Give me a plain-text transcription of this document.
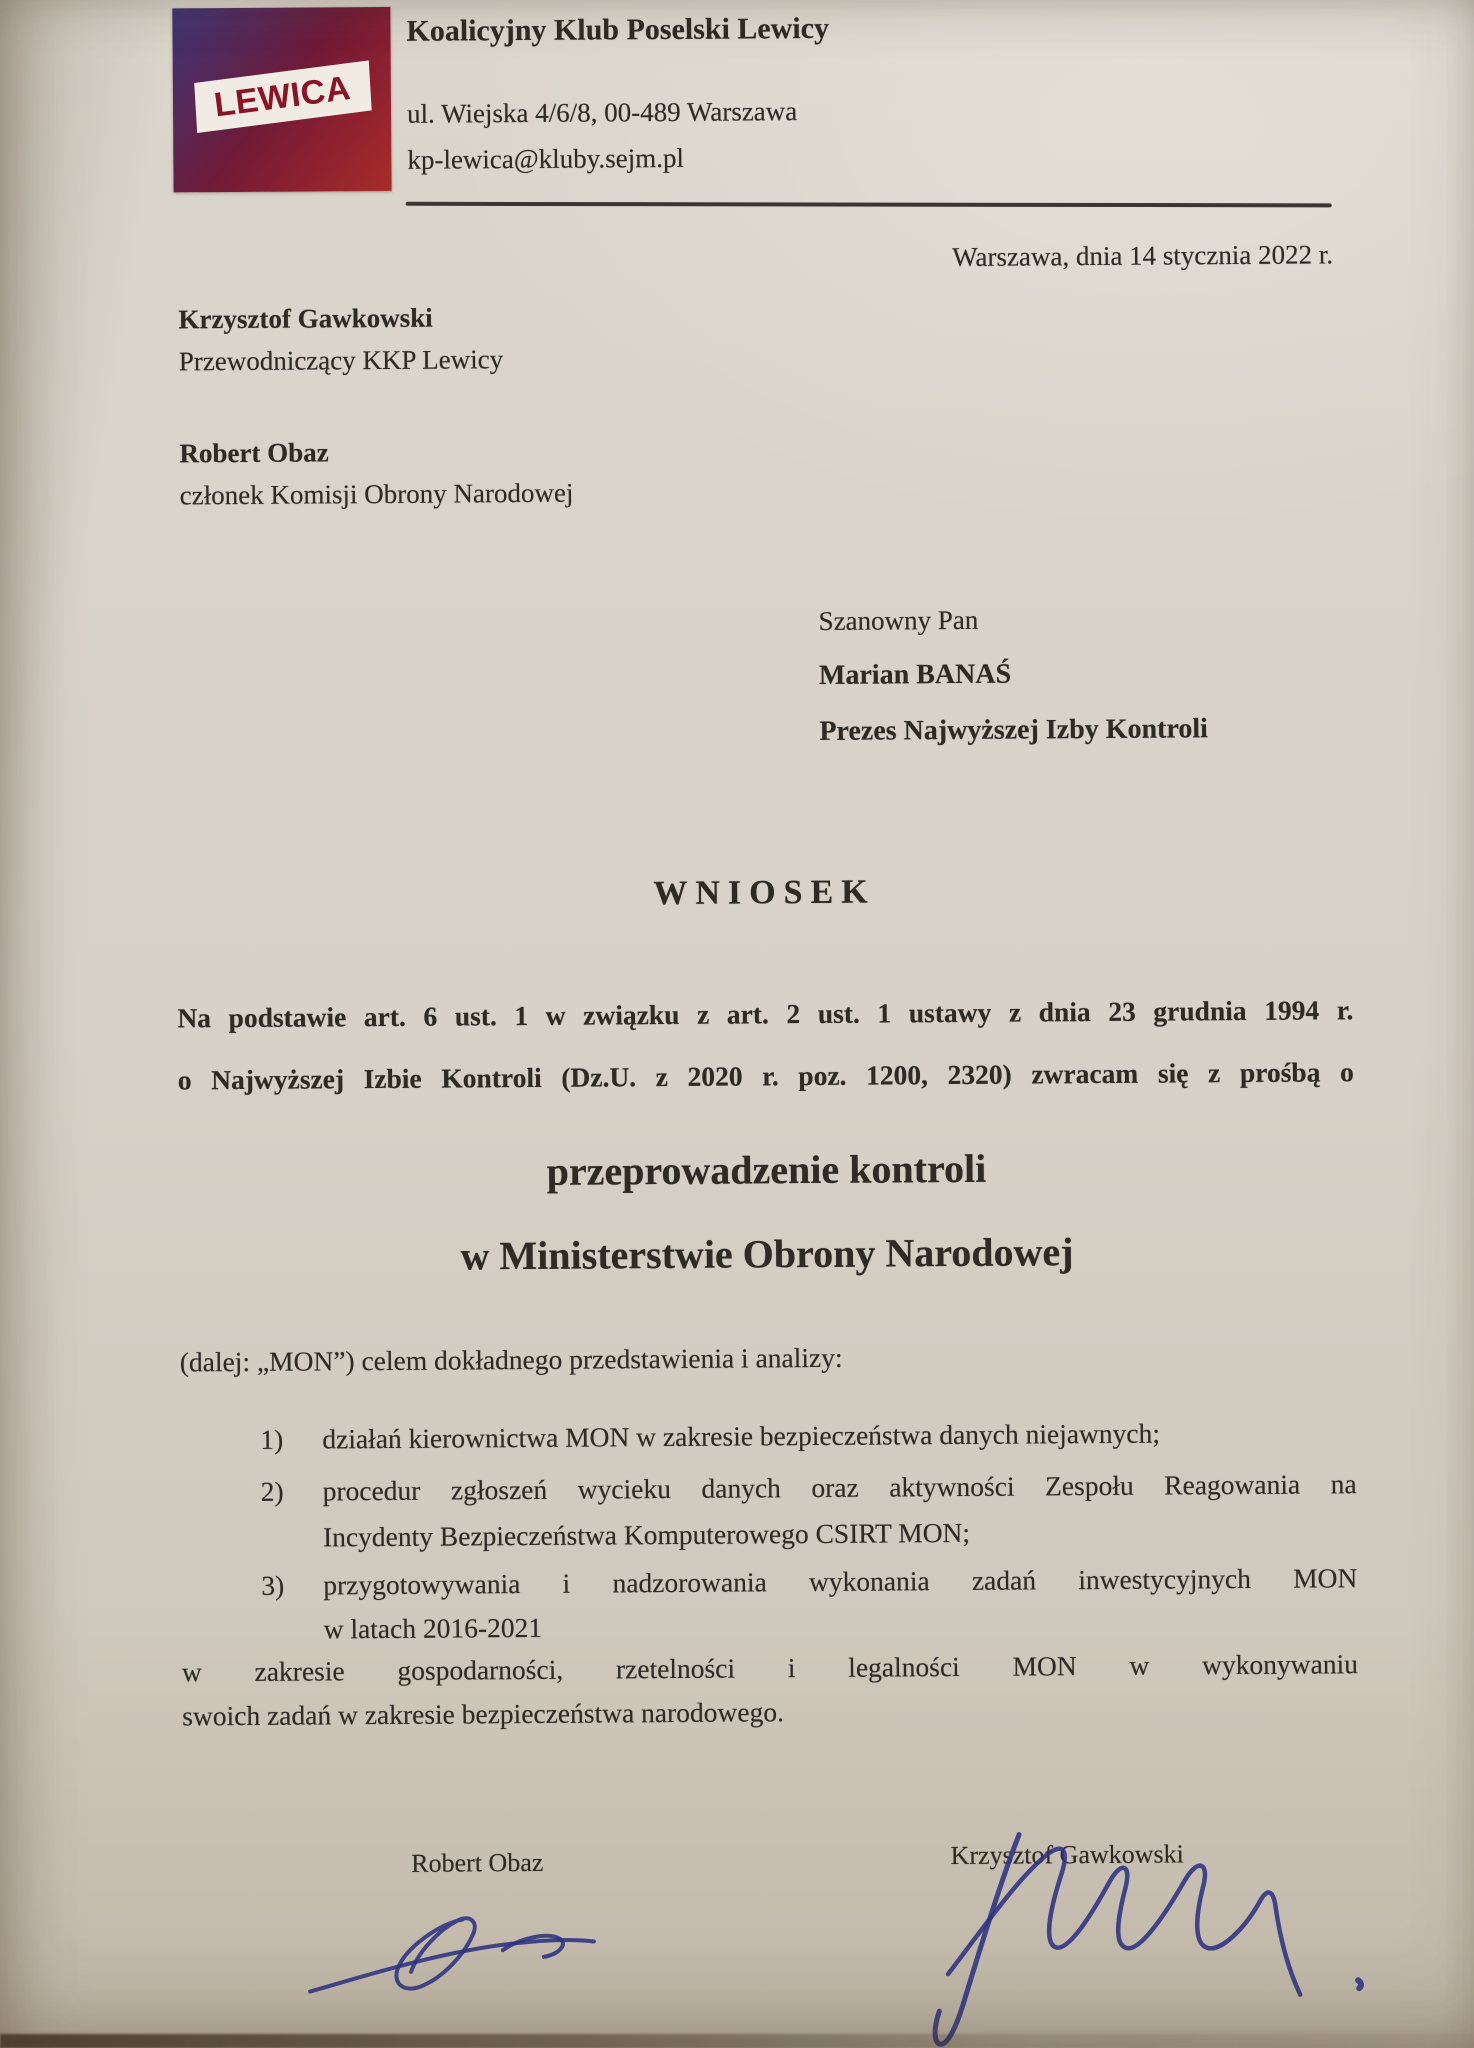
LEWICA
Koalicyjny Klub Poselski Lewicy
ul. Wiejska 4/6/8, 00-489 Warszawa
kp-lewica@kluby.sejm.pl
Warszawa, dnia 14 stycznia 2022 r.
Krzysztof Gawkowski
Przewodniczący KKP Lewicy
Robert Obaz
członek Komisji Obrony Narodowej
Szanowny Pan
Marian BANAŚ
Prezes Najwyższej Izby Kontroli
WNIOSEK
Na podstawie art. 6 ust. 1 w związku z art. 2 ust. 1 ustawy z dnia 23 grudnia 1994 r.
o Najwyższej Izbie Kontroli (Dz.U. z 2020 r. poz. 1200, 2320) zwracam się z prośbą o
przeprowadzenie kontroli
w Ministerstwie Obrony Narodowej
(dalej: „MON”) celem dokładnego przedstawienia i analizy:
1)	działań kierownictwa MON w zakresie bezpieczeństwa danych niejawnych;
2)	procedur zgłoszeń wycieku danych oraz aktywności Zespołu Reagowania na
Incydenty Bezpieczeństwa Komputerowego CSIRT MON;
3)	przygotowywania i nadzorowania wykonania zadań inwestycyjnych MON
w latach 2016-2021
w zakresie gospodarności, rzetelności i legalności MON w wykonywaniu
swoich zadań w zakresie bezpieczeństwa narodowego.
Robert Obaz	Krzysztof Gawkowski
